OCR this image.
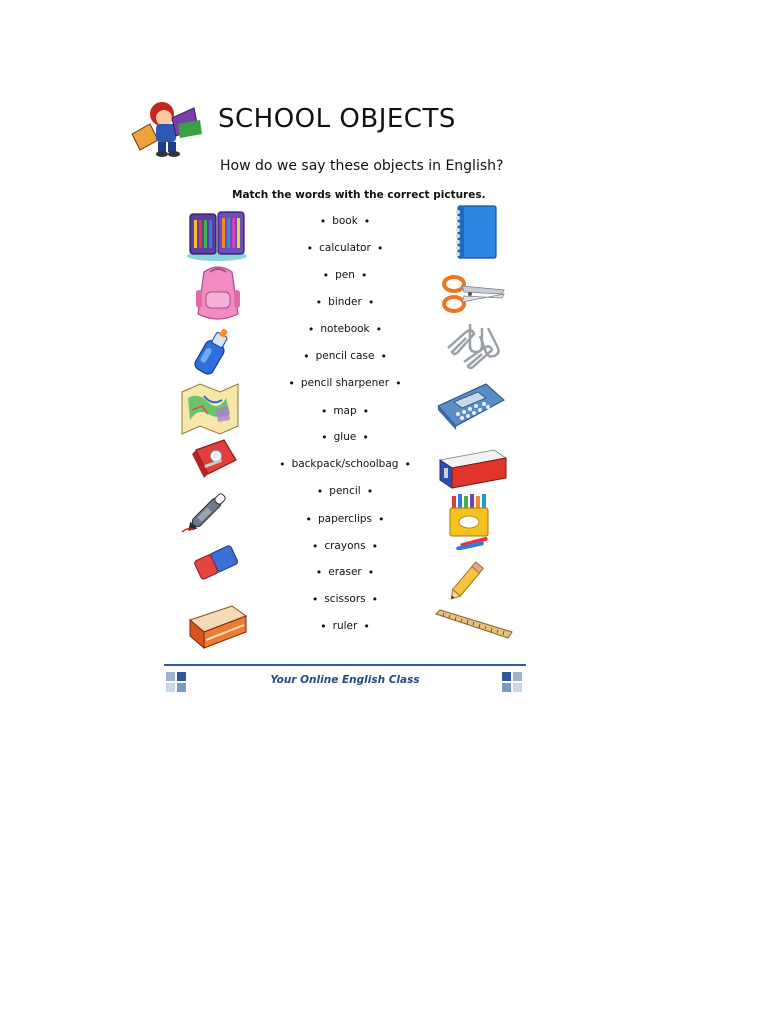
SCHOOL OBJECTS
How do we say these objects in English?
Match the words with the correct pictures.
• book •
• calculator •
• pen •
• binder •
• notebook •
• pencil case •
• pencil sharpener •
• map •
• glue •
• backpack/schoolbag •
• pencil •
• paperclips •
• crayons •
• eraser •
• scissors •
• ruler •
Your Online English Class
